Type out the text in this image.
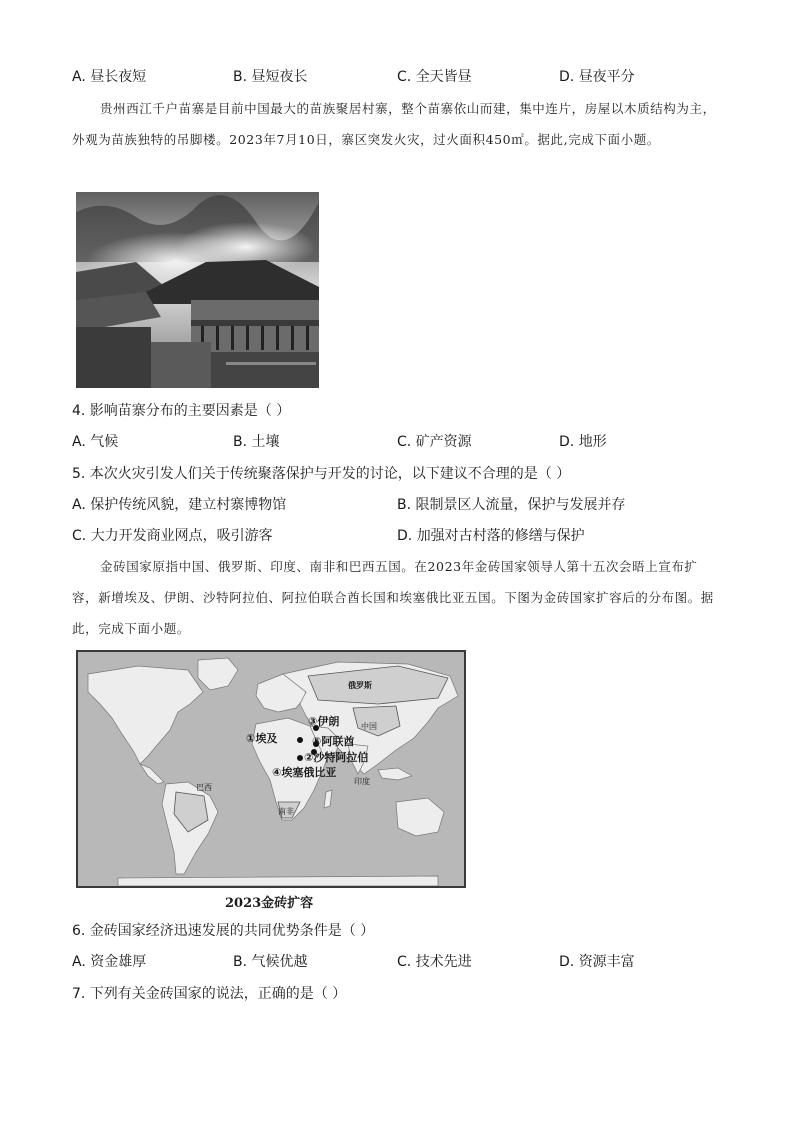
A. 昼长夜短	B. 昼短夜长	C. 全天皆昼	D. 昼夜平分
贵州西江千户苗寨是目前中国最大的苗族聚居村寨，整个苗寨依山而建，集中连片，房屋以木质结构为主，外观为苗族独特的吊脚楼。2023年7月10日，寨区突发火灾，过火面积450㎡。据此,完成下面小题。
4. 影响苗寨分布的主要因素是（ ）
A. 气候	B. 土壤	C. 矿产资源	D. 地形
5. 本次火灾引发人们关于传统聚落保护与开发的讨论，以下建议不合理的是（ ）
A. 保护传统风貌，建立村寨博物馆	B. 限制景区人流量，保护与发展并存
C. 大力开发商业网点，吸引游客	D. 加强对古村落的修缮与保护
金砖国家原指中国、俄罗斯、印度、南非和巴西五国。在2023年金砖国家领导人第十五次会晤上宣布扩容，新增埃及、伊朗、沙特阿拉伯、阿拉伯联合酋长国和埃塞俄比亚五国。下图为金砖国家扩容后的分布图。据此，完成下面小题。
俄罗斯
中国
印度
巴西
南非
③伊朗
①埃及	⑤阿联酋
②沙特阿拉伯
④埃塞俄比亚
2023金砖扩容
6. 金砖国家经济迅速发展的共同优势条件是（ ）
A. 资金雄厚	B. 气候优越	C. 技术先进	D. 资源丰富
7. 下列有关金砖国家的说法，正确的是（ ）
